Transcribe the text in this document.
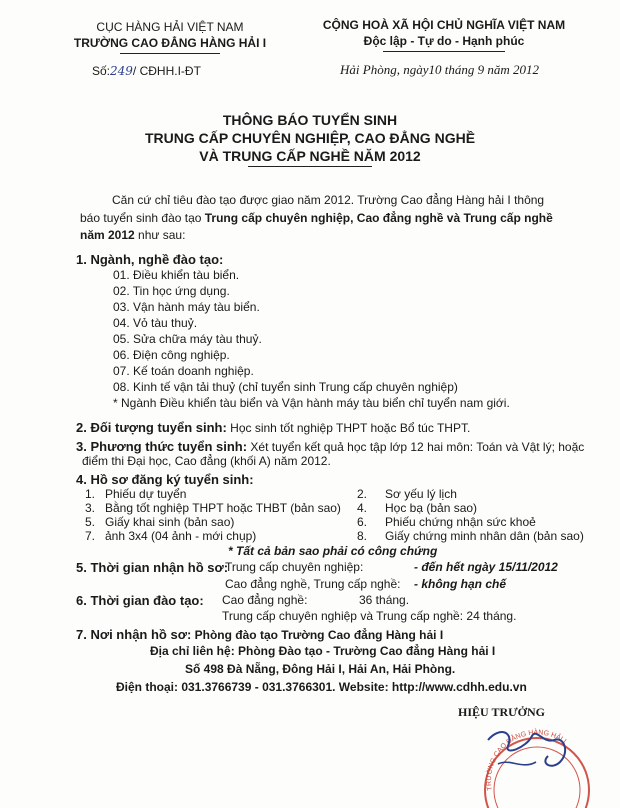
CỤC HÀNG HẢI VIỆT NAM
TRƯỜNG CAO ĐẲNG HÀNG HẢI I
Số:249/ CĐHH.I-ĐT
CỘNG HOÀ XÃ HỘI CHỦ NGHĨA VIỆT NAM
Độc lập - Tự do - Hạnh phúc
Hải Phòng, ngày10 tháng 9 năm 2012
THÔNG BÁO TUYỂN SINH
TRUNG CẤP CHUYÊN NGHIỆP, CAO ĐẲNG NGHỀ
VÀ TRUNG CẤP NGHỀ NĂM 2012
Căn cứ chỉ tiêu đào tạo được giao năm 2012. Trường Cao đẳng Hàng hải I thông
báo tuyển sinh đào tạo Trung cấp chuyên nghiệp, Cao đẳng nghề và Trung cấp nghề
năm 2012 như sau:
1. Ngành, nghề đào tạo:
01. Điều khiển tàu biển.
02. Tin học ứng dụng.
03. Vận hành máy tàu biển.
04. Vỏ tàu thuỷ.
05. Sửa chữa máy tàu thuỷ.
06. Điện công nghiệp.
07. Kế toán doanh nghiệp.
08. Kinh tế vận tải thuỷ (chỉ tuyển sinh Trung cấp chuyên nghiệp)
* Ngành Điều khiển tàu biển và Vận hành máy tàu biển chỉ tuyển nam giới.
2. Đối tượng tuyển sinh: Học sinh tốt nghiệp THPT hoặc Bổ túc THPT.
3. Phương thức tuyển sinh: Xét tuyển kết quả học tập lớp 12 hai môn: Toán và Vật lý; hoặc
điểm thi Đại học, Cao đẳng (khối A) năm 2012.
4. Hồ sơ đăng ký tuyển sinh:
1. Phiếu dự tuyển
3. Bằng tốt nghiệp THPT hoặc THBT (bản sao)
5. Giấy khai sinh (bản sao)
7. ảnh 3x4 (04 ảnh - mới chụp)
2. Sơ yếu lý lịch
4. Học bạ (bản sao)
6. Phiếu chứng nhận sức khoẻ
8. Giấy chứng minh nhân dân (bản sao)
* Tất cả bản sao phải có công chứng
5. Thời gian nhận hồ sơ:
Trung cấp chuyên nghiệp:	- đến hết ngày 15/11/2012
Cao đẳng nghề, Trung cấp nghề: - không hạn chế
6. Thời gian đào tạo: Cao đẳng nghề:	36 tháng.
Trung cấp chuyên nghiệp và Trung cấp nghề: 24 tháng.
7. Nơi nhận hồ sơ: Phòng đào tạo Trường Cao đẳng Hàng hải I
Địa chỉ liên hệ: Phòng Đào tạo - Trường Cao đẳng Hàng hải I
Số 498 Đà Nẵng, Đông Hải I, Hải An, Hải Phòng.
Điện thoại: 031.3766739 - 031.3766301. Website: http://www.cdhh.edu.vn
HIỆU TRƯỞNG
TRƯỜNG CAO ĐẲNG HÀNG HẢI I
